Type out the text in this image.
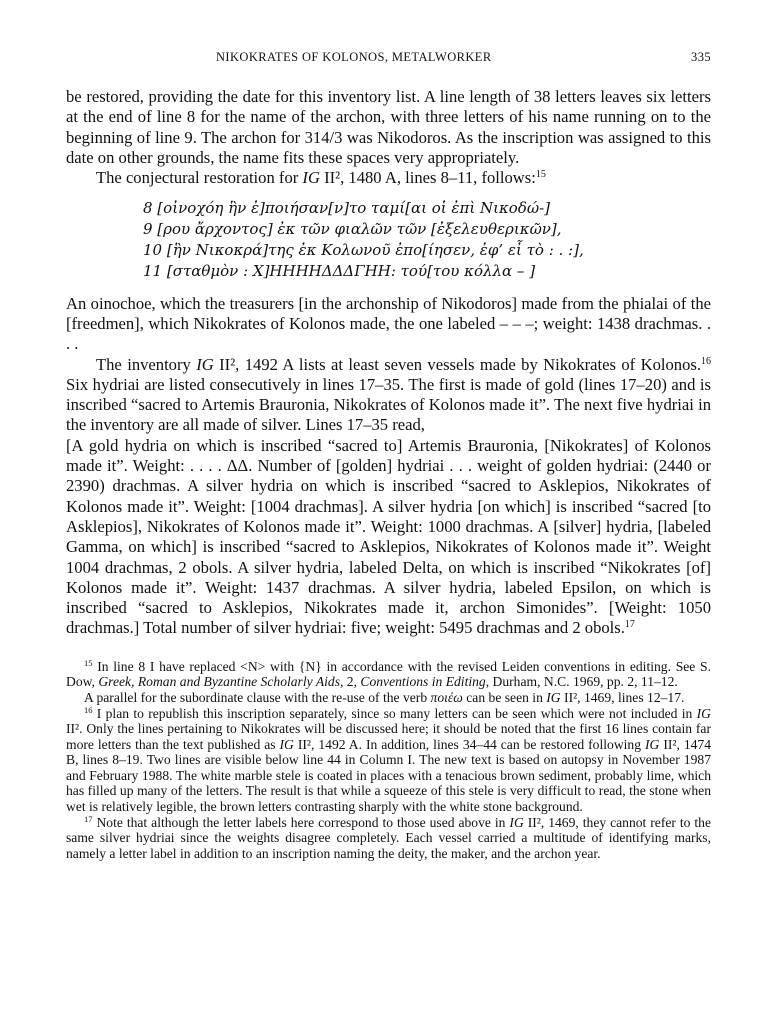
NIKOKRATES OF KOLONOS, METALWORKER	335

be restored, providing the date for this inventory list. A line length of 38 letters leaves six letters at the end of line 8 for the name of the archon, with three letters of his name running on to the beginning of line 9. The archon for 314/3 was Nikodoros. As the inscription was assigned to this date on other grounds, the name fits these spaces very appropriately.

The conjectural restoration for IG II², 1480 A, lines 8–11, follows:$^{15}$

8 [οἰνοχόη ἣν ἐ]ποιή̣σαν[ν]το ταμί[αι οἱ ἐπὶ Νικοδώ-]
9 [ρου ἄρχοντος] ἐκ τῶν φιαλῶν τῶν [ἐξελευθερικῶν],
10 [ἣν Νικοκρά]της ἐκ Κολωνοῦ ἐπο[ίησεν, ἐφ’ εἶ τὸ : . :],
11 [σταθμὸν : Χ]ΗΗΗΗΔΔΔΓΗΗ: τού[του κόλλα – ]

An oinochoe, which the treasurers [in the archonship of Nikodoros] made from the phialai of the [freedmen], which Nikokrates of Kolonos made, the one labeled – – –; weight: 1438 drachmas. . . .

The inventory IG II², 1492 A lists at least seven vessels made by Nikokrates of Kolonos.$^{16}$ Six hydriai are listed consecutively in lines 17–35. The first is made of gold (lines 17–20) and is inscribed “sacred to Artemis Brauronia, Nikokrates of Kolonos made it”. The next five hydriai in the inventory are all made of silver. Lines 17–35 read,

[A gold hydria on which is inscribed “sacred to] Artemis Brauronia, [Nikokrates] of Kolonos made it”. Weight: . . . . ΔΔ. Number of [golden] hydriai . . . weight of golden hydriai: (2440 or 2390) drachmas. A silver hydria on which is inscribed “sacred to Asklepios, Nikokrates of Kolonos made it”. Weight: [1004 drachmas]. A silver hydria [on which] is inscribed “sacred [to Asklepios], Nikokrates of Kolonos made it”. Weight: 1000 drachmas. A [silver] hydria, [labeled Gamma, on which] is inscribed “sacred to Asklepios, Nikokrates of Kolonos made it”. Weight 1004 drachmas, 2 obols. A silver hydria, labeled Delta, on which is inscribed “Nikokrates [of] Kolonos made it”. Weight: 1437 drachmas. A silver hydria, labeled Epsilon, on which is inscribed “sacred to Asklepios, Nikokrates made it, archon Simonides”. [Weight: 1050 drachmas.] Total number of silver hydriai: five; weight: 5495 drachmas and 2 obols.$^{17}$

$^{15}$ In line 8 I have replaced <N> with {N} in accordance with the revised Leiden conventions in editing. See S. Dow, Greek, Roman and Byzantine Scholarly Aids, 2, Conventions in Editing, Durham, N.C. 1969, pp. 2, 11–12.

A parallel for the subordinate clause with the re-use of the verb ποιέω can be seen in IG II², 1469, lines 12–17.

$^{16}$ I plan to republish this inscription separately, since so many letters can be seen which were not included in IG II². Only the lines pertaining to Nikokrates will be discussed here; it should be noted that the first 16 lines contain far more letters than the text published as IG II², 1492 A. In addition, lines 34–44 can be restored following IG II², 1474 B, lines 8–19. Two lines are visible below line 44 in Column I. The new text is based on autopsy in November 1987 and February 1988. The white marble stele is coated in places with a tenacious brown sediment, probably lime, which has filled up many of the letters. The result is that while a squeeze of this stele is very difficult to read, the stone when wet is relatively legible, the brown letters contrasting sharply with the white stone background.

$^{17}$ Note that although the letter labels here correspond to those used above in IG II², 1469, they cannot refer to the same silver hydriai since the weights disagree completely. Each vessel carried a multitude of identifying marks, namely a letter label in addition to an inscription naming the deity, the maker, and the archon year.
